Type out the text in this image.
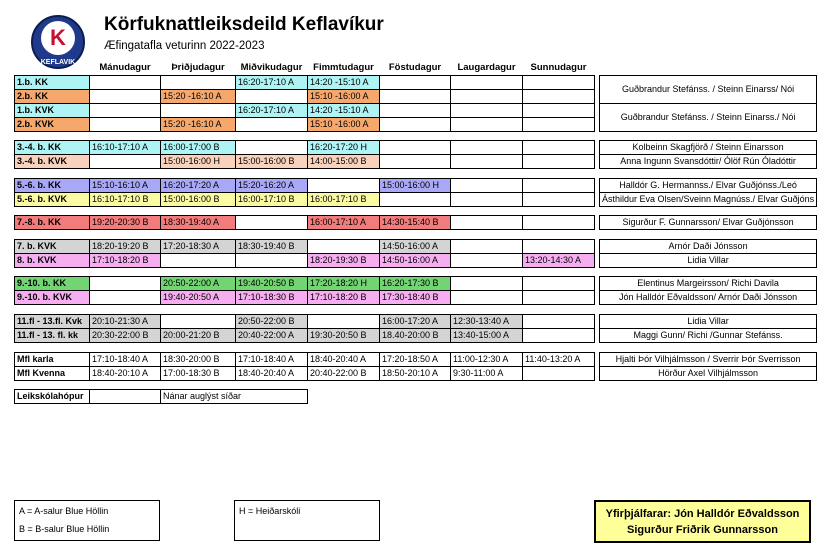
K
KEFLAVIK
Körfuknattleiksdeild Keflavíkur
Æfingatafla veturinn 2022-2023
	Mánudagur	Þriðjudagur	Miðvikudagur	Fimmtudagur	Föstudagur	Laugardagur	Sunnudagur		
1.b. KK			16:20-17:10 A	14:20 -15:10 A					Guðbrandur Stefánss. / Steinn Einarss/ Nói
2.b. KK		15:20 -16:10 A		15:10 -16:00 A					
1.b. KVK			16:20-17:10 A	14:20 -15:10 A					Guðbrandur Stefánss. / Steinn Einarss./ Nói
2.b. KVK		15:20 -16:10 A		15:10 -16:00 A					

3.-4. b. KK	16:10-17:10 A	16:00-17:00 B		16:20-17:20 H					Kolbeinn Skagfjörð / Steinn Einarsson
3.-4. b. KVK		15:00-16:00 H	15:00-16:00 B	14:00-15:00 B					Anna Ingunn Svansdóttir/ Ólöf Rún Óladóttir

5.-6. b. KK	15:10-16:10 A	16:20-17:20 A	15:20-16:20 A		15:00-16:00 H				Halldór G. Hermannss./ Elvar Guðjónss./Leó
5.-6. b. KVK	16:10-17:10 B	15:00-16:00 B	16:00-17:10 B	16:00-17:10 B					Ásthildur Eva Olsen/Sveinn Magnúss./ Elvar Guðjóns

7.-8. b. KK	19:20-20:30 B	18:30-19:40 A		16:00-17:10 A	14:30-15:40 B				Sigurður F. Gunnarsson/ Elvar Guðjónsson

7. b. KVK	18:20-19:20 B	17:20-18:30 A	18:30-19:40 B		14:50-16:00 A				Arnór Daði Jónsson
8. b. KVK	17:10-18:20 B			18:20-19:30 B	14:50-16:00 A		13:20-14:30 A		Lidia Villar

9.-10. b. KK		20:50-22:00 A	19:40-20:50 B	17:20-18:20 H	16:20-17:30 B				Elentinus Margeirsson/ Richi Davila
9.-10. b. KVK		19:40-20:50 A	17:10-18:30 B	17:10-18:20 B	17:30-18:40 B				Jón Halldór Eðvaldsson/ Arnór Daði Jónsson

11.fl - 13.fl. Kvk	20:10-21:30 A		20:50-22:00 B		16:00-17:20 A	12:30-13:40 A			Lidia Villar
11.fl - 13. fl. kk	20:30-22:00 B	20:00-21:20 B	20:40-22:00 A	19:30-20:50 B	18.40-20:00 B	13:40-15:00 A			Maggi Gunn/ Richi /Gunnar Stefánss.

Mfl karla	17:10-18:40 A	18:30-20:00 B	17:10-18:40 A	18:40-20:40 A	17:20-18:50 A	11:00-12:30 A	11:40-13:20 A		Hjalti Þór Vilhjálmsson / Sverrir Þór Sverrisson
Mfl Kvenna	18:40-20:10 A	17:00-18:30 B	18:40-20:40 A	20:40-22:00 B	18:50-20:10 A	9:30-11:00 A			Hörður Axel Vilhjálmsson

Leikskólahópur		Nánar auglýst síðar							
A = A-salur Blue Höllin
B = B-salur Blue Höllin
H = Heiðarskóli	Yfirþjálfarar: Jón Halldór Eðvaldsson
Sigurður Friðrik Gunnarsson
